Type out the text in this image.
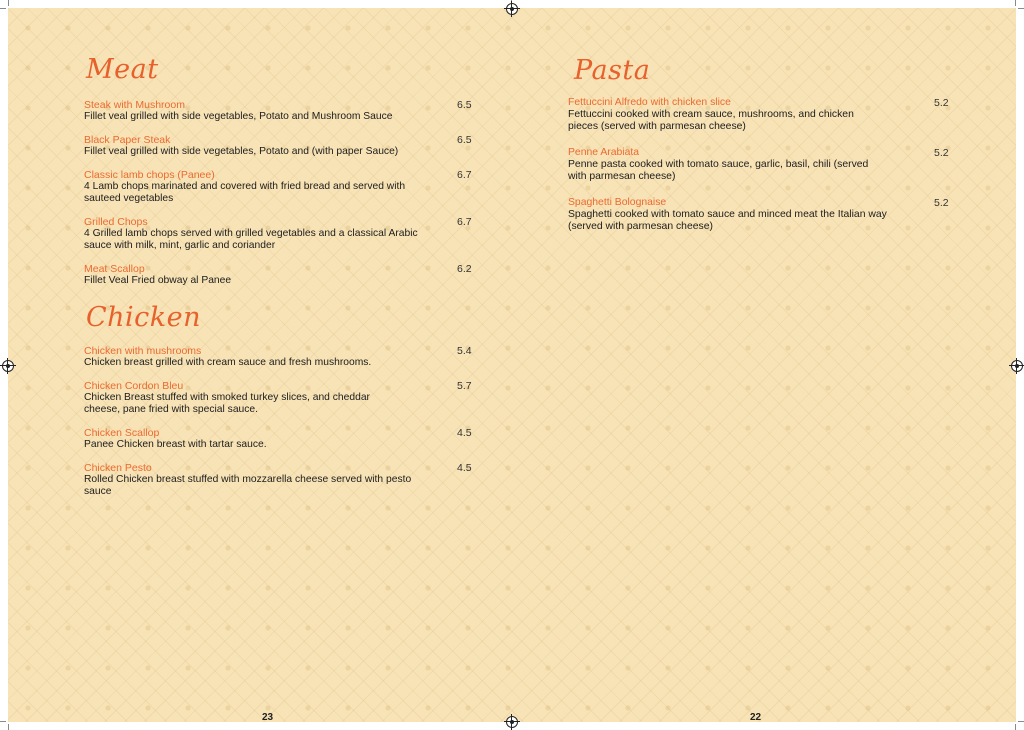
Meat
Steak with Mushroom
Fillet veal grilled with side vegetables, Potato and Mushroom Sauce
6.5
Black Paper Steak
Fillet veal grilled with side vegetables, Potato and (with paper Sauce)
6.5
Classic lamb chops (Panee)
4 Lamb chops marinated and covered with fried bread and served with sauteed vegetables
6.7
Grilled Chops
4 Grilled lamb chops served with grilled vegetables and a classical Arabic sauce with milk, mint, garlic and coriander
6.7
Meat Scallop
Fillet Veal Fried obway al Panee
6.2
Chicken
Chicken with mushrooms
Chicken breast grilled with cream sauce and fresh mushrooms.
5.4
Chicken Cordon Bleu
Chicken Breast stuffed with smoked turkey slices, and cheddar cheese, pane fried with special sauce.
5.7
Chicken Scallop
Panee Chicken breast with tartar sauce.
4.5
Chicken Pesto
Rolled Chicken breast stuffed with mozzarella cheese served with pesto sauce
4.5
23
Pasta
Fettuccini Alfredo with chicken slice
Fettuccini cooked with cream sauce, mushrooms, and chicken pieces (served with parmesan cheese)
5.2
Penne Arabiata
Penne pasta cooked with tomato sauce, garlic, basil, chili (served with parmesan cheese)
5.2
Spaghetti Bolognaise
Spaghetti cooked with tomato sauce and minced meat the Italian way (served with parmesan cheese)
5.2
22
